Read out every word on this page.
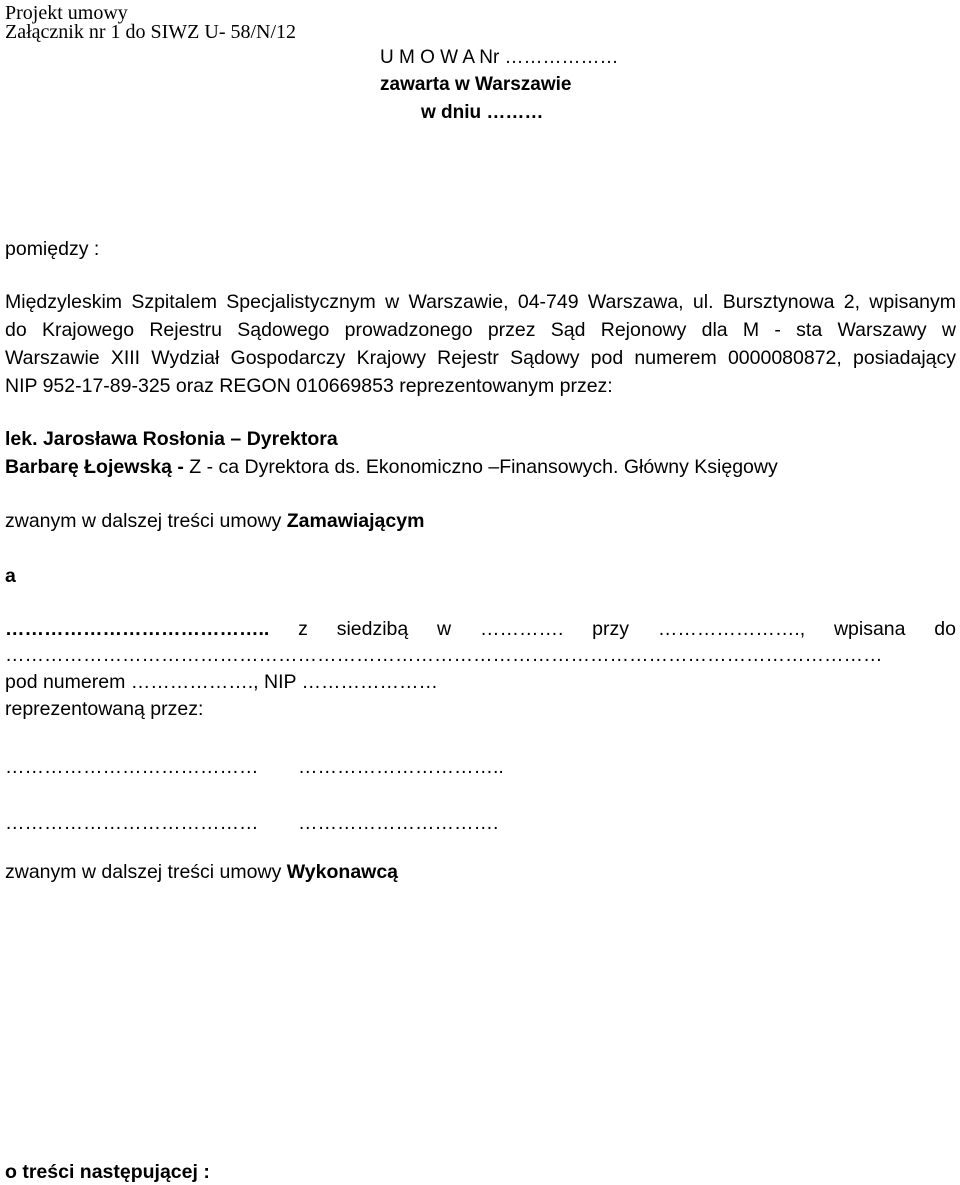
Projekt umowy
Załącznik nr 1 do SIWZ U- 58/N/12
U M O W A Nr ………………
zawarta w Warszawie
w dniu ………
pomiędzy :
Międzyleskim Szpitalem Specjalistycznym w Warszawie, 04-749 Warszawa, ul. Bursztynowa 2, wpisanym
do Krajowego Rejestru Sądowego prowadzonego przez Sąd Rejonowy dla M - sta Warszawy w
Warszawie XIII Wydział Gospodarczy Krajowy Rejestr Sądowy pod numerem 0000080872, posiadający
NIP 952-17-89-325 oraz REGON 010669853 reprezentowanym przez:
lek. Jarosława Rosłonia – Dyrektora
Barbarę Łojewską - Z - ca Dyrektora ds. Ekonomiczno –Finansowych. Główny Księgowy
zwanym w dalszej treści umowy Zamawiającym
a
………………………………….. z siedzibą w …………. przy …………………., wpisana do
………………………………………………………………………………………………………………………
pod numerem ………………., NIP …………………
reprezentowaną przez:
………………………………… …………………………..
………………………………… ………………………….
zwanym w dalszej treści umowy Wykonawcą
o treści następującej :
